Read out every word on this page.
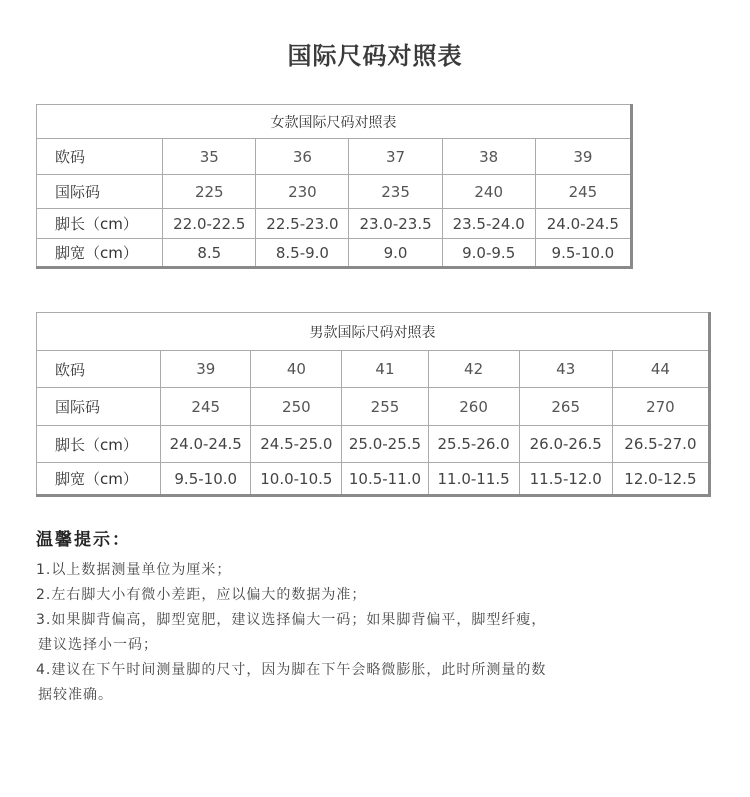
国际尺码对照表
女款国际尺码对照表					
欧码	35	36	37	38	39
国际码	225	230	235	240	245
脚长（cm）	22.0-22.5	22.5-23.0	23.0-23.5	23.5-24.0	24.0-24.5
脚宽（cm）	8.5	8.5-9.0	9.0	9.0-9.5	9.5-10.0
男款国际尺码对照表						
欧码	39	40	41	42	43	44
国际码	245	250	255	260	265	270
脚长（cm）	24.0-24.5	24.5-25.0	25.0-25.5	25.5-26.0	26.0-26.5	26.5-27.0
脚宽（cm）	9.5-10.0	10.0-10.5	10.5-11.0	11.0-11.5	11.5-12.0	12.0-12.5
温馨提示：
1.以上数据测量单位为厘米；
2.左右脚大小有微小差距，应以偏大的数据为准；
3.如果脚背偏高，脚型宽肥，建议选择偏大一码；如果脚背偏平，脚型纤瘦，
建议选择小一码；
4.建议在下午时间测量脚的尺寸，因为脚在下午会略微膨胀，此时所测量的数
据较准确。
